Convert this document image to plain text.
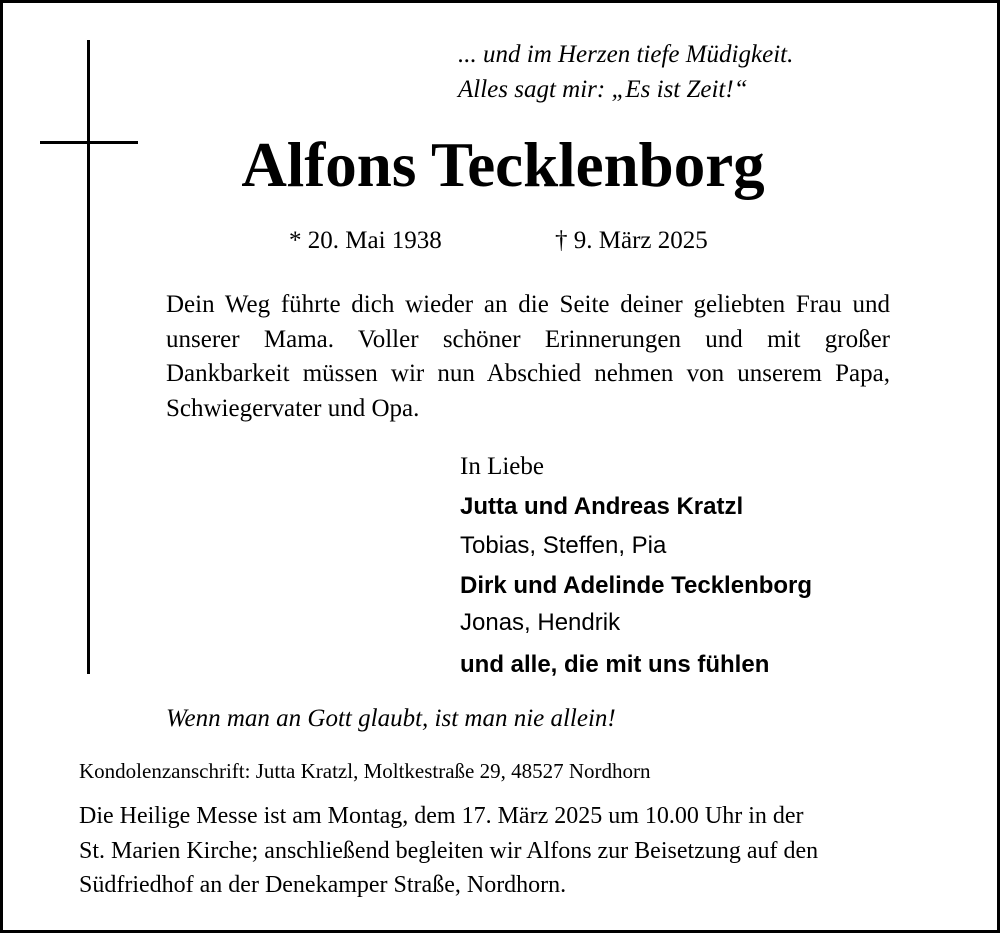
... und im Herzen tiefe Müdigkeit.
Alles sagt mir: „Es ist Zeit!“
Alfons Tecklenborg
* 20. Mai 1938	† 9. März 2025
Dein Weg führte dich wieder an die Seite deiner geliebten Frau und unserer Mama. Voller schöner Erinnerungen und mit großer Dankbarkeit müssen wir nun Abschied nehmen von unserem Papa, Schwiegervater und Opa.
In Liebe
Jutta und Andreas Kratzl
Tobias, Steffen, Pia
Dirk und Adelinde Tecklenborg
Jonas, Hendrik
und alle, die mit uns fühlen
Wenn man an Gott glaubt, ist man nie allein!
Kondolenzanschrift: Jutta Kratzl, Moltkestraße 29, 48527 Nordhorn
Die Heilige Messe ist am Montag, dem 17. März 2025 um 10.00 Uhr in der
St. Marien Kirche; anschließend begleiten wir Alfons zur Beisetzung auf den
Südfriedhof an der Denekamper Straße, Nordhorn.
